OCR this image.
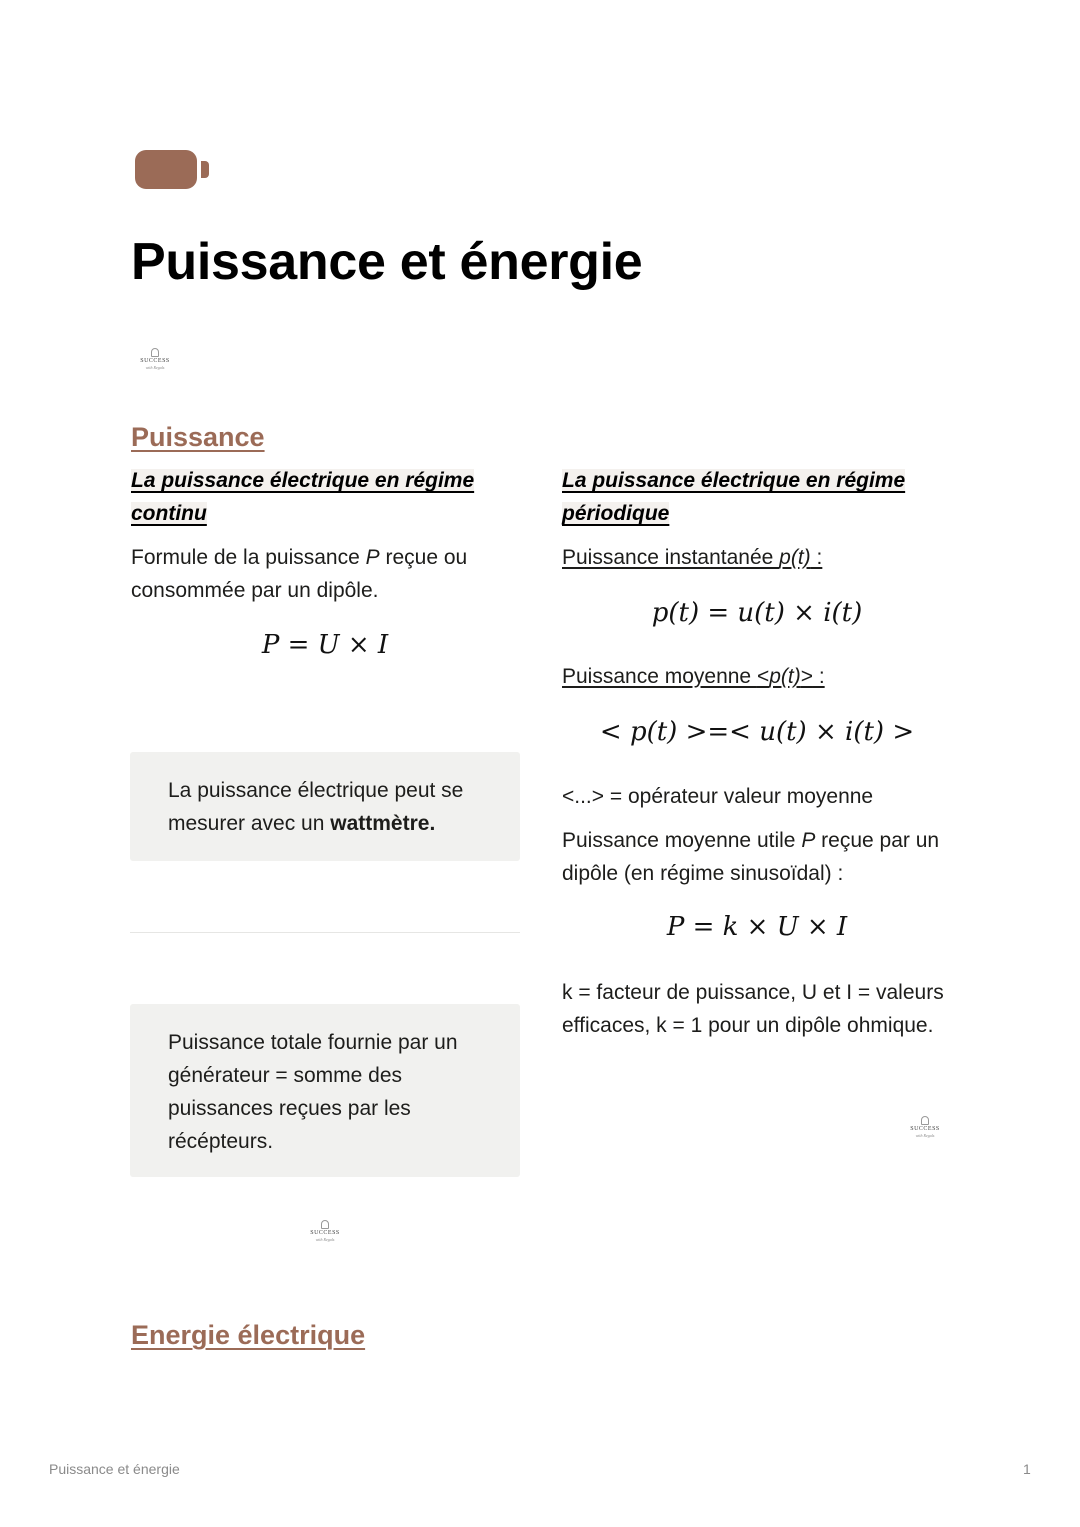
Puissance et énergie
SUCCESS
with Regals
Puissance

La puissance électrique en régime continu

Formule de la puissance P reçue ou consommée par un dipôle.

P = U × I

La puissance électrique peut se mesurer avec un wattmètre.

Puissance totale fournie par un générateur = somme des puissances reçues par les récépteurs.

SUCCESS
with Regals

La puissance électrique en régime périodique

Puissance instantanée p(t) :

p(t) = u(t) × i(t)

Puissance moyenne <p(t)> :

< p(t) >=< u(t) × i(t) >

<...> = opérateur valeur moyenne

Puissance moyenne utile P reçue par un dipôle (en régime sinusoïdal) :

P = k × U × I

k = facteur de puissance, U et I = valeurs efficaces, k = 1 pour un dipôle ohmique.

SUCCESS
with Regals
Energie électrique
Puissance et énergie	1
